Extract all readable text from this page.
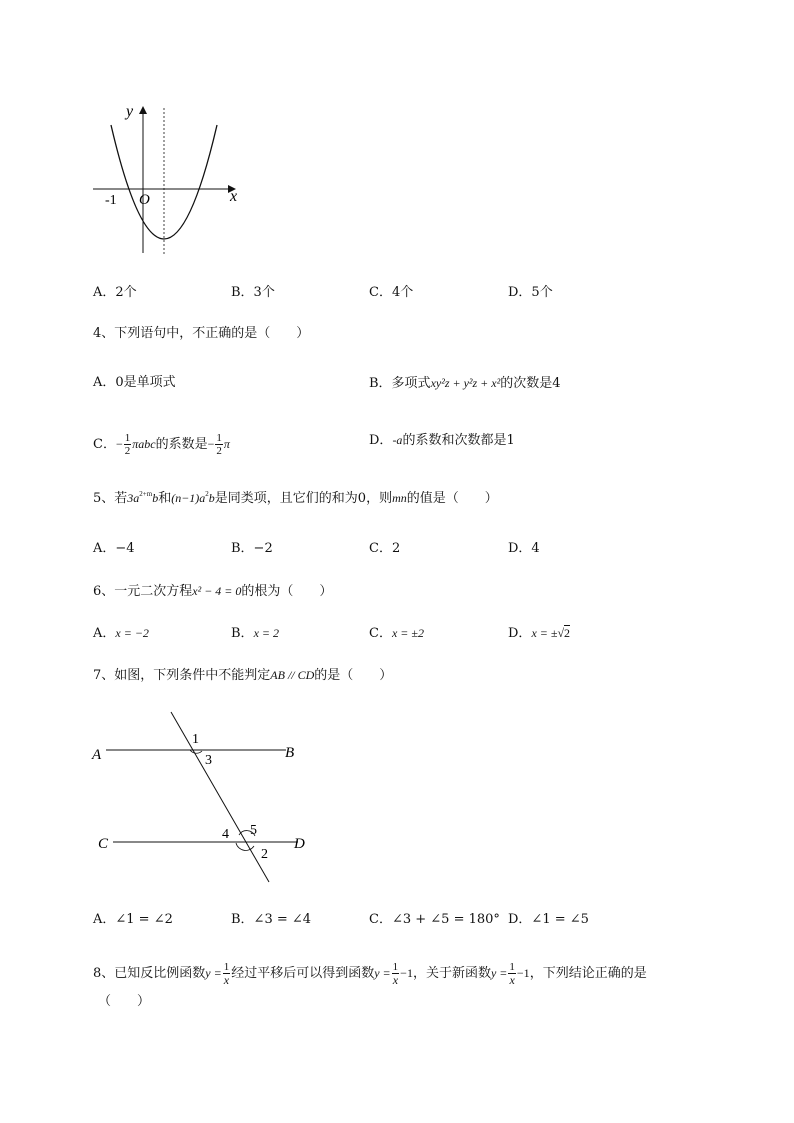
y
x
O
-1
A．2个	B．3个	C．4个	D．5个
4、下列语句中，不正确的是（　　）
A．0是单项式	B．多项式xy²z + y²z + x²的次数是4
C．− $\frac{1}{2}$ πabc的系数是− $\frac{1}{2}$ π	D．-a的系数和次数都是1
5、若$3a^{2+m}b$和$(n-1)a^2b$是同类项，且它们的和为0，则mn的值是（　　）
A．−4	B．−2	C．2	D．4
6、一元二次方程x² − 4 = 0的根为（　　）
A．x = −2	B．x = 2	C．x = ±2	D．x = ±√2
7、如图，下列条件中不能判定AB // CD的是（　　）
A	B
C	D
1
3
4 5
2
A．∠1 = ∠2	B．∠3 = ∠4	C．∠3 + ∠5 = 180° D．∠1 = ∠5
8、已知反比例函数$y = \frac{1}{x}$ 经过平移后可以得到函数$y = \frac{1}{x} -1$，关于新函数$y = \frac{1}{x} -1$，下列结论正确的是
（　　）
